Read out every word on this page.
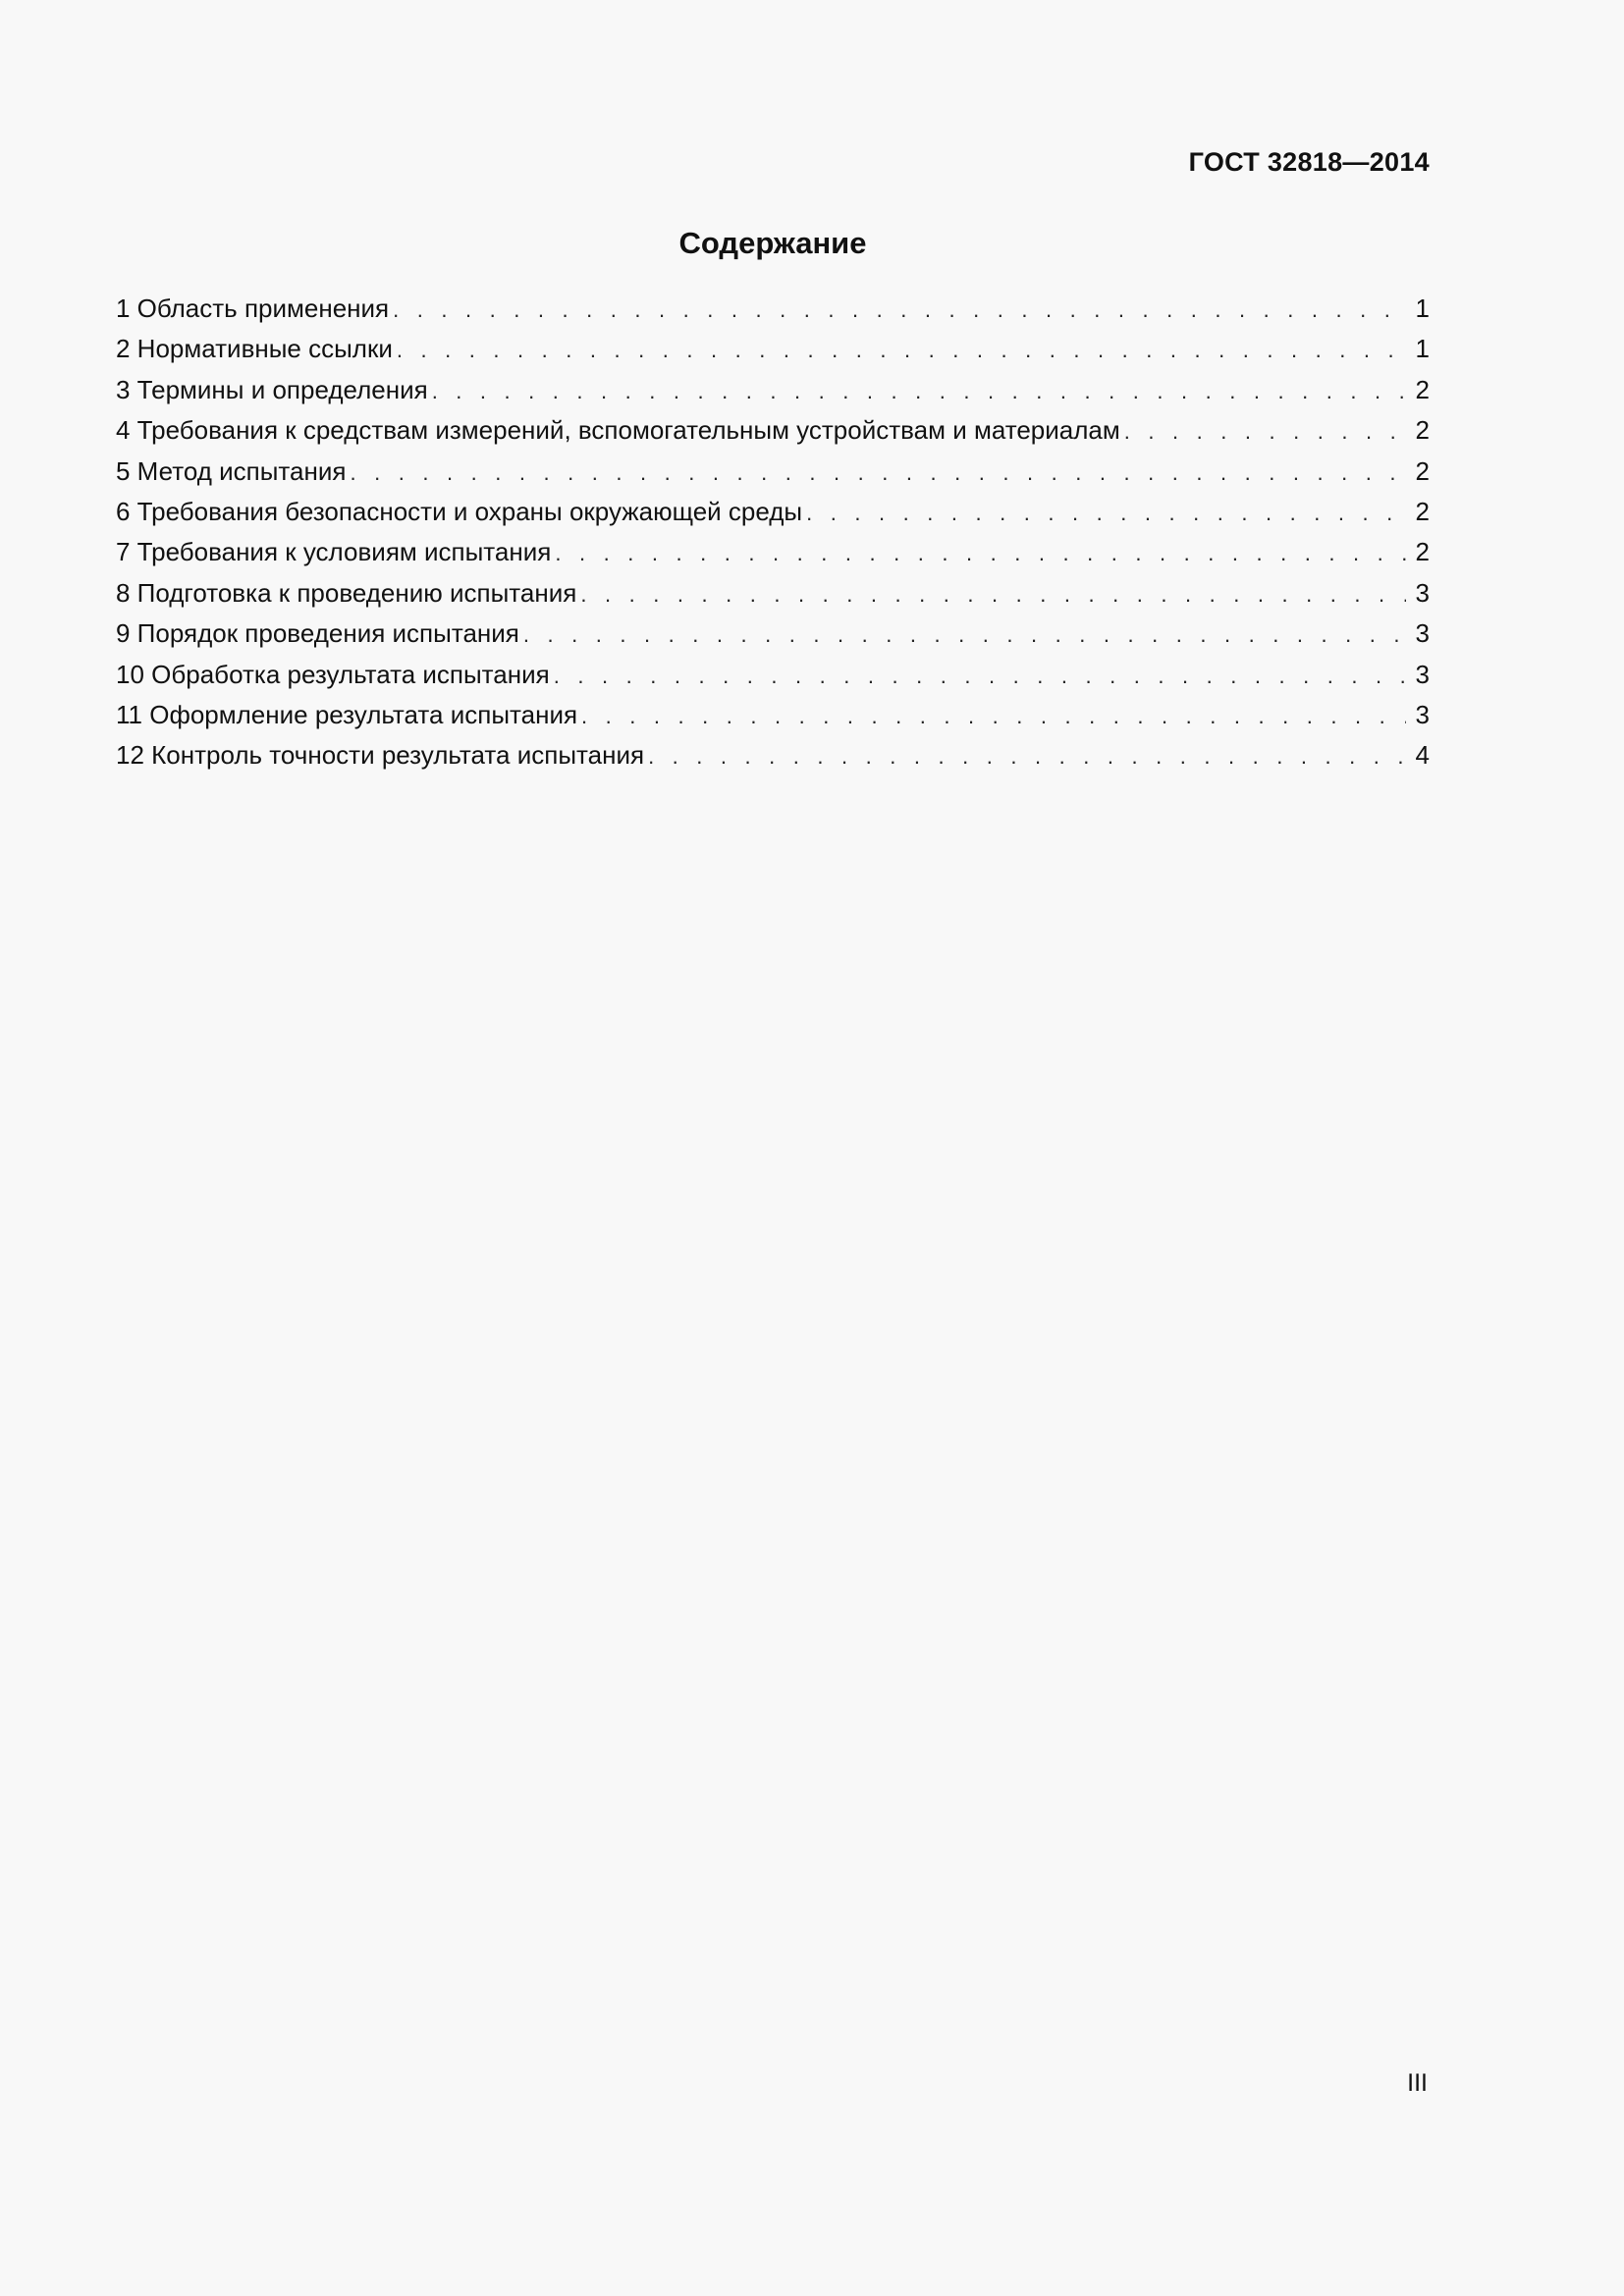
ГОСТ 32818—2014
Содержание
1 Область применения . . .	1
2 Нормативные ссылки . . .	1
3 Термины и определения . . .	2
4 Требования к средствам измерений, вспомогательным устройствам и материалам . . .	2
5 Метод испытания . . .	2
6 Требования безопасности и охраны окружающей среды . . .	2
7 Требования к условиям испытания . . .	2
8 Подготовка к проведению испытания . . .	3
9 Порядок проведения испытания . . .	3
10 Обработка результата испытания . . .	3
11 Оформление результата испытания . . .	3
12 Контроль точности результата испытания . . .	4
III
